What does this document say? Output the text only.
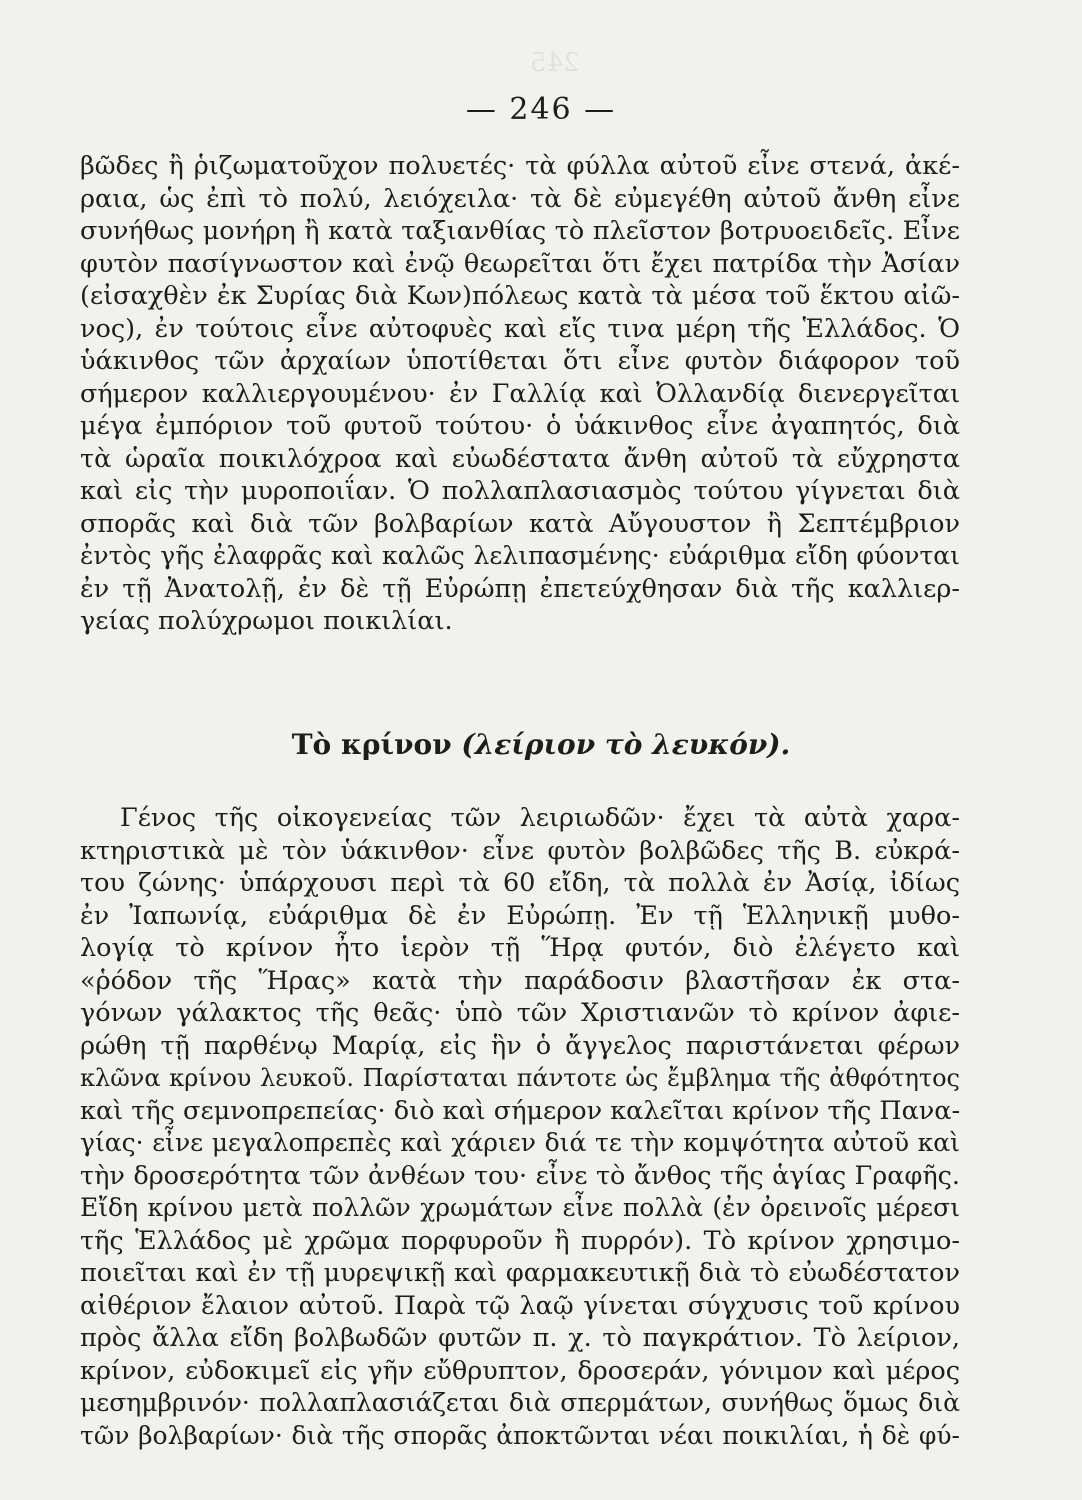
245
— 246 —
βῶδες ἢ ῥιζωματοῦχον πολυετές· τὰ φύλλα αὐτοῦ εἶνε στενά, ἀκέ-
ραια, ὡς ἐπὶ τὸ πολύ, λειόχειλα· τὰ δὲ εὐμεγέθη αὐτοῦ ἄνθη εἶνε
συνήθως μονήρη ἢ κατὰ ταξιανθίας τὸ πλεῖστον βοτρυοειδεῖς. Εἶνε
φυτὸν πασίγνωστον καὶ ἐνῷ θεωρεῖται ὅτι ἔχει πατρίδα τὴν Ἀσίαν
(εἰσαχθὲν ἐκ Συρίας διὰ Κων)πόλεως κατὰ τὰ μέσα τοῦ ἕκτου αἰῶ-
νος), ἐν τούτοις εἶνε αὐτοφυὲς καὶ εἴς τινα μέρη τῆς Ἑλλάδος. Ὁ
ὑάκινθος τῶν ἀρχαίων ὑποτίθεται ὅτι εἶνε φυτὸν διάφορον τοῦ
σήμερον καλλιεργουμένου· ἐν Γαλλίᾳ καὶ Ὀλλανδίᾳ διενεργεῖται
μέγα ἐμπόριον τοῦ φυτοῦ τούτου· ὁ ὑάκινθος εἶνε ἀγαπητός, διὰ
τὰ ὡραῖα ποικιλόχροα καὶ εὐωδέστατα ἄνθη αὐτοῦ τὰ εὔχρηστα
καὶ εἰς τὴν μυροποιΐαν. Ὁ πολλαπλασιασμὸς τούτου γίγνεται διὰ
σπορᾶς καὶ διὰ τῶν βολβαρίων κατὰ Αὔγουστον ἢ Σεπτέμβριον
ἐντὸς γῆς ἐλαφρᾶς καὶ καλῶς λελιπασμένης· εὐάριθμα εἴδη φύονται
ἐν τῇ Ἀνατολῇ, ἐν δὲ τῇ Εὐρώπῃ ἐπετεύχθησαν διὰ τῆς καλλιερ-
γείας πολύχρωμοι ποικιλίαι.
Τὸ κρίνον (λείριον τὸ λευκόν).
Γένος τῆς οἰκογενείας τῶν λειριωδῶν· ἔχει τὰ αὐτὰ χαρα-
κτηριστικὰ μὲ τὸν ὑάκινθον· εἶνε φυτὸν βολβῶδες τῆς Β. εὐκρά-
του ζώνης· ὑπάρχουσι περὶ τὰ 60 εἴδη, τὰ πολλὰ ἐν Ἀσίᾳ, ἰδίως
ἐν Ἰαπωνίᾳ, εὐάριθμα δὲ ἐν Εὐρώπῃ. Ἐν τῇ Ἑλληνικῇ μυθο-
λογίᾳ τὸ κρίνον ἦτο ἱερὸν τῇ Ἥρᾳ φυτόν, διὸ ἐλέγετο καὶ
«ῥόδον τῆς Ἥρας» κατὰ τὴν παράδοσιν βλαστῆσαν ἐκ στα-
γόνων γάλακτος τῆς θεᾶς· ὑπὸ τῶν Χριστιανῶν τὸ κρίνον ἀφιε-
ρώθη τῇ παρθένῳ Μαρίᾳ, εἰς ἣν ὁ ἄγγελος παριστάνεται φέρων
κλῶνα κρίνου λευκοῦ. Παρίσταται πάντοτε ὡς ἔμβλημα τῆς ἀθφότητος
καὶ τῆς σεμνοπρεπείας· διὸ καὶ σήμερον καλεῖται κρίνον τῆς Πανα-
γίας· εἶνε μεγαλοπρεπὲς καὶ χάριεν διά τε τὴν κομψότητα αὐτοῦ καὶ
τὴν δροσερότητα τῶν ἀνθέων του· εἶνε τὸ ἄνθος τῆς ἁγίας Γραφῆς.
Εἴδη κρίνου μετὰ πολλῶν χρωμάτων εἶνε πολλὰ (ἐν ὀρεινοῖς μέρεσι
τῆς Ἑλλάδος μὲ χρῶμα πορφυροῦν ἢ πυρρόν). Τὸ κρίνον χρησιμο-
ποιεῖται καὶ ἐν τῇ μυρεψικῇ καὶ φαρμακευτικῇ διὰ τὸ εὐωδέστατον
αἰθέριον ἔλαιον αὐτοῦ. Παρὰ τῷ λαῷ γίνεται σύγχυσις τοῦ κρίνου
πρὸς ἄλλα εἴδη βολβωδῶν φυτῶν π. χ. τὸ παγκράτιον. Τὸ λείριον,
κρίνον, εὐδοκιμεῖ εἰς γῆν εὔθρυπτον, δροσεράν, γόνιμον καὶ μέρος
μεσημβρινόν· πολλαπλασιάζεται διὰ σπερμάτων, συνήθως ὅμως διὰ
τῶν βολβαρίων· διὰ τῆς σπορᾶς ἀποκτῶνται νέαι ποικιλίαι, ἡ δὲ φύ-
